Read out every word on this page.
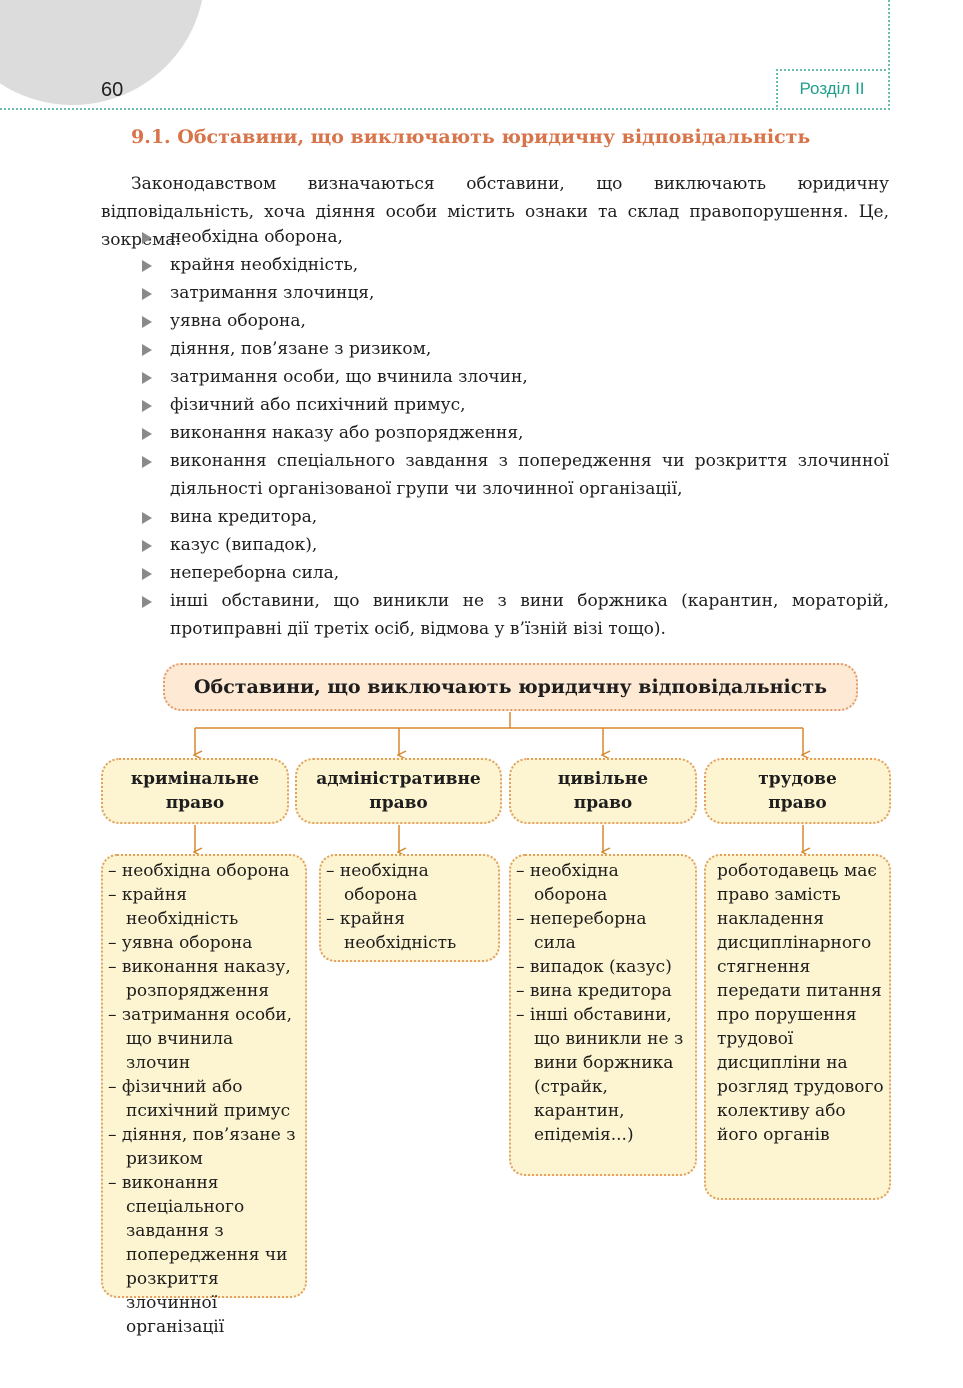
60	Розділ II
9.1. Обставини, що виключають юридичну відповідальність
Законодавством визначаються обставини, що виключають юридичну відповідальність, хоча діяння особи містить ознаки та склад правопорушення. Це, зокрема:
необхідна оборона,
крайня необхідність,
затримання злочинця,
уявна оборона,
діяння, пов’язане з ризиком,
затримання особи, що вчинила злочин,
фізичний або психічний примус,
виконання наказу або розпорядження,
виконання спеціального завдання з попередження чи розкриття злочинної діяльності організованої групи чи злочинної організації,
вина кредитора,
казус (випадок),
непереборна сила,
інші обставини, що виникли не з вини боржника (карантин, мораторій, протиправні дії третіх осіб, відмова у в’їзній візі тощо).
Обставини, що виключають юридичну відповідальність
кримінальне
право
адміністративне
право
цивільне
право
трудове
право
– необхідна оборона
– крайня необхідність
– уявна оборона
– виконання наказу, розпорядження
– затримання особи, що вчинила злочин
– фізичний або психічний примус
– діяння, пов’язане з ризиком
– виконання спеціального завдання з попередження чи розкриття злочинної організації
– необхідна оборона
– крайня необхідність
– необхідна оборона
– непереборна сила
– випадок (казус)
– вина кредитора
– інші обставини, що виникли не з вини боржника (страйк, карантин, епідемія...)
роботодавець має право замість накладення дисциплінарного стягнення передати питання про порушення трудової дисципліни на розгляд трудового колективу або його органів
